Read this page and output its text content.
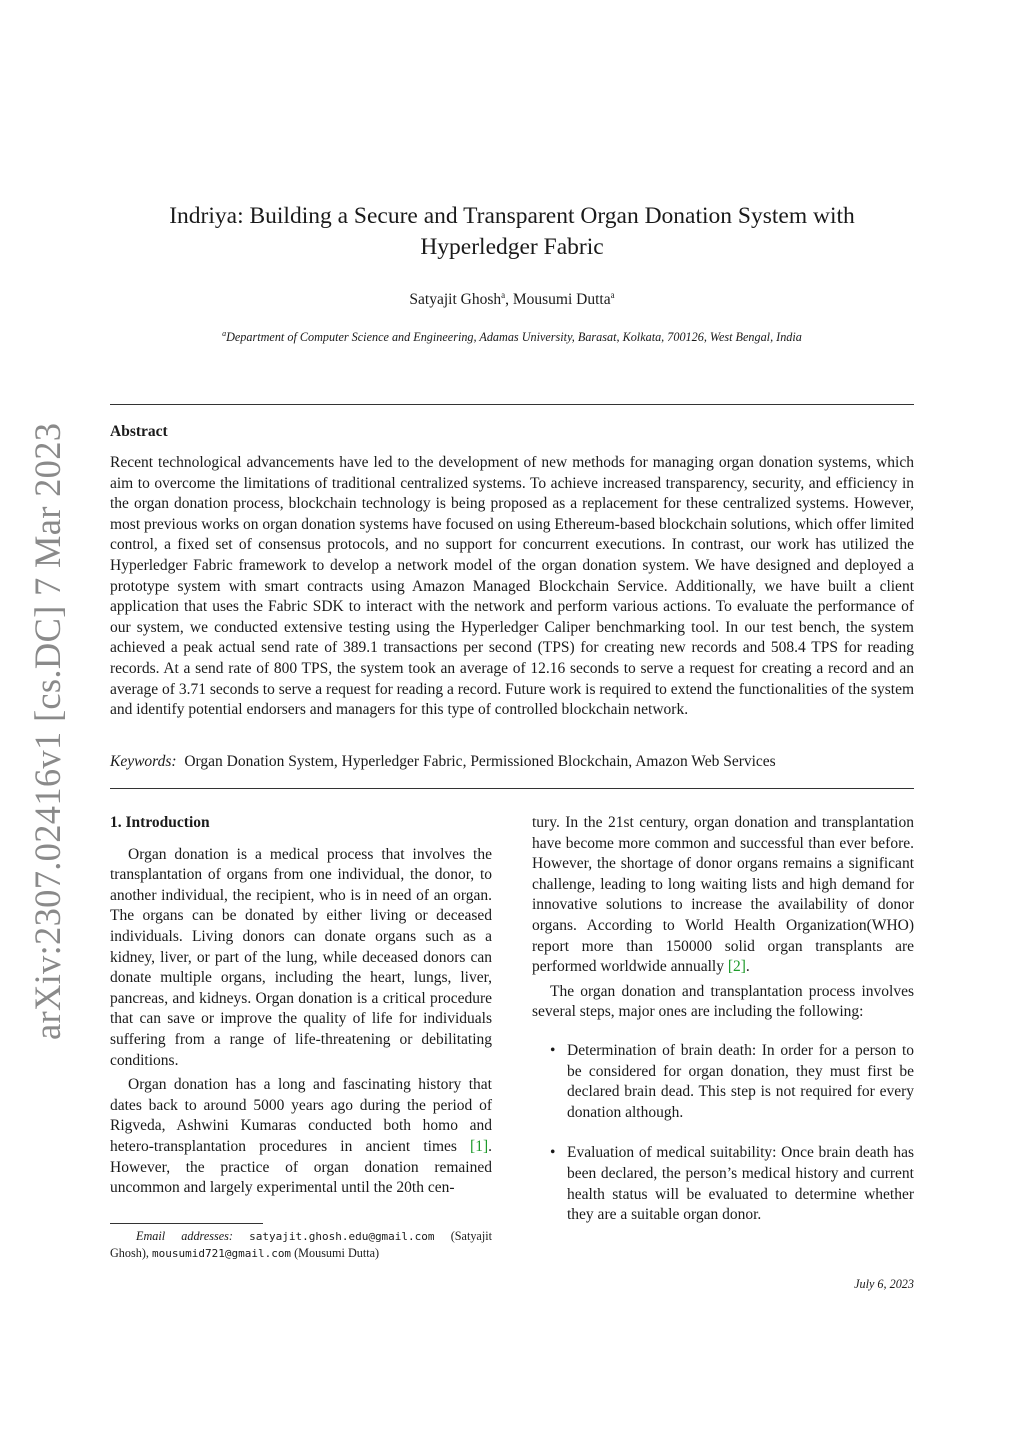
arXiv:2307.02416v1 [cs.DC] 7 Mar 2023
Indriya: Building a Secure and Transparent Organ Donation System with
Hyperledger Fabric
Satyajit Ghosh$^a$, Mousumi Dutta$^a$
$^a$Department of Computer Science and Engineering, Adamas University, Barasat, Kolkata, 700126, West Bengal, India
Abstract

Recent technological advancements have led to the development of new methods for managing organ donation systems, which aim to overcome the limitations of traditional centralized systems. To achieve increased transparency, security, and efficiency in the organ donation process, blockchain technology is being proposed as a replacement for these centralized systems. However, most previous works on organ donation systems have focused on using Ethereum-based blockchain solutions, which offer limited control, a fixed set of consensus protocols, and no support for concurrent executions. In contrast, our work has utilized the Hyperledger Fabric framework to develop a network model of the organ donation system. We have designed and deployed a prototype system with smart contracts using Amazon Managed Blockchain Service. Additionally, we have built a client application that uses the Fabric SDK to interact with the network and perform various actions. To evaluate the performance of our system, we conducted extensive testing using the Hyperledger Caliper benchmarking tool. In our test bench, the system achieved a peak actual send rate of 389.1 transactions per second (TPS) for creating new records and 508.4 TPS for reading records. At a send rate of 800 TPS, the system took an average of 12.16 seconds to serve a request for creating a record and an average of 3.71 seconds to serve a request for reading a record. Future work is required to extend the functionalities of the system and identify potential endorsers and managers for this type of controlled blockchain network.

Keywords: Organ Donation System, Hyperledger Fabric, Permissioned Blockchain, Amazon Web Services
1. Introduction

Organ donation is a medical process that involves the transplantation of organs from one individual, the donor, to another individual, the recipient, who is in need of an organ. The organs can be donated by either living or deceased individuals. Living donors can donate organs such as a kidney, liver, or part of the lung, while deceased donors can donate multiple organs, including the heart, lungs, liver, pancreas, and kidneys. Organ donation is a critical procedure that can save or improve the quality of life for individuals suffering from a range of life-threatening or debilitating conditions.

Organ donation has a long and fascinating history that dates back to around 5000 years ago during the period of Rigveda, Ashwini Kumaras conducted both homo and hetero-transplantation procedures in ancient times [1]. However, the practice of organ donation remained uncommon and largely experimental until the 20th cen-

tury. In the 21st century, organ donation and transplantation have become more common and successful than ever before. However, the shortage of donor organs remains a significant challenge, leading to long waiting lists and high demand for innovative solutions to increase the availability of donor organs. According to World Health Organization(WHO) report more than 150000 solid organ transplants are performed worldwide annually [2].

The organ donation and transplantation process involves several steps, major ones are including the following:

• Determination of brain death: In order for a person to be considered for organ donation, they must first be declared brain dead. This step is not required for every donation although.
• Evaluation of medical suitability: Once brain death has been declared, the person’s medical history and current health status will be evaluated to determine whether they are a suitable organ donor.
Email addresses: satyajit.ghosh.edu@gmail.com (Satyajit Ghosh), mousumid721@gmail.com (Mousumi Dutta)
July 6, 2023
